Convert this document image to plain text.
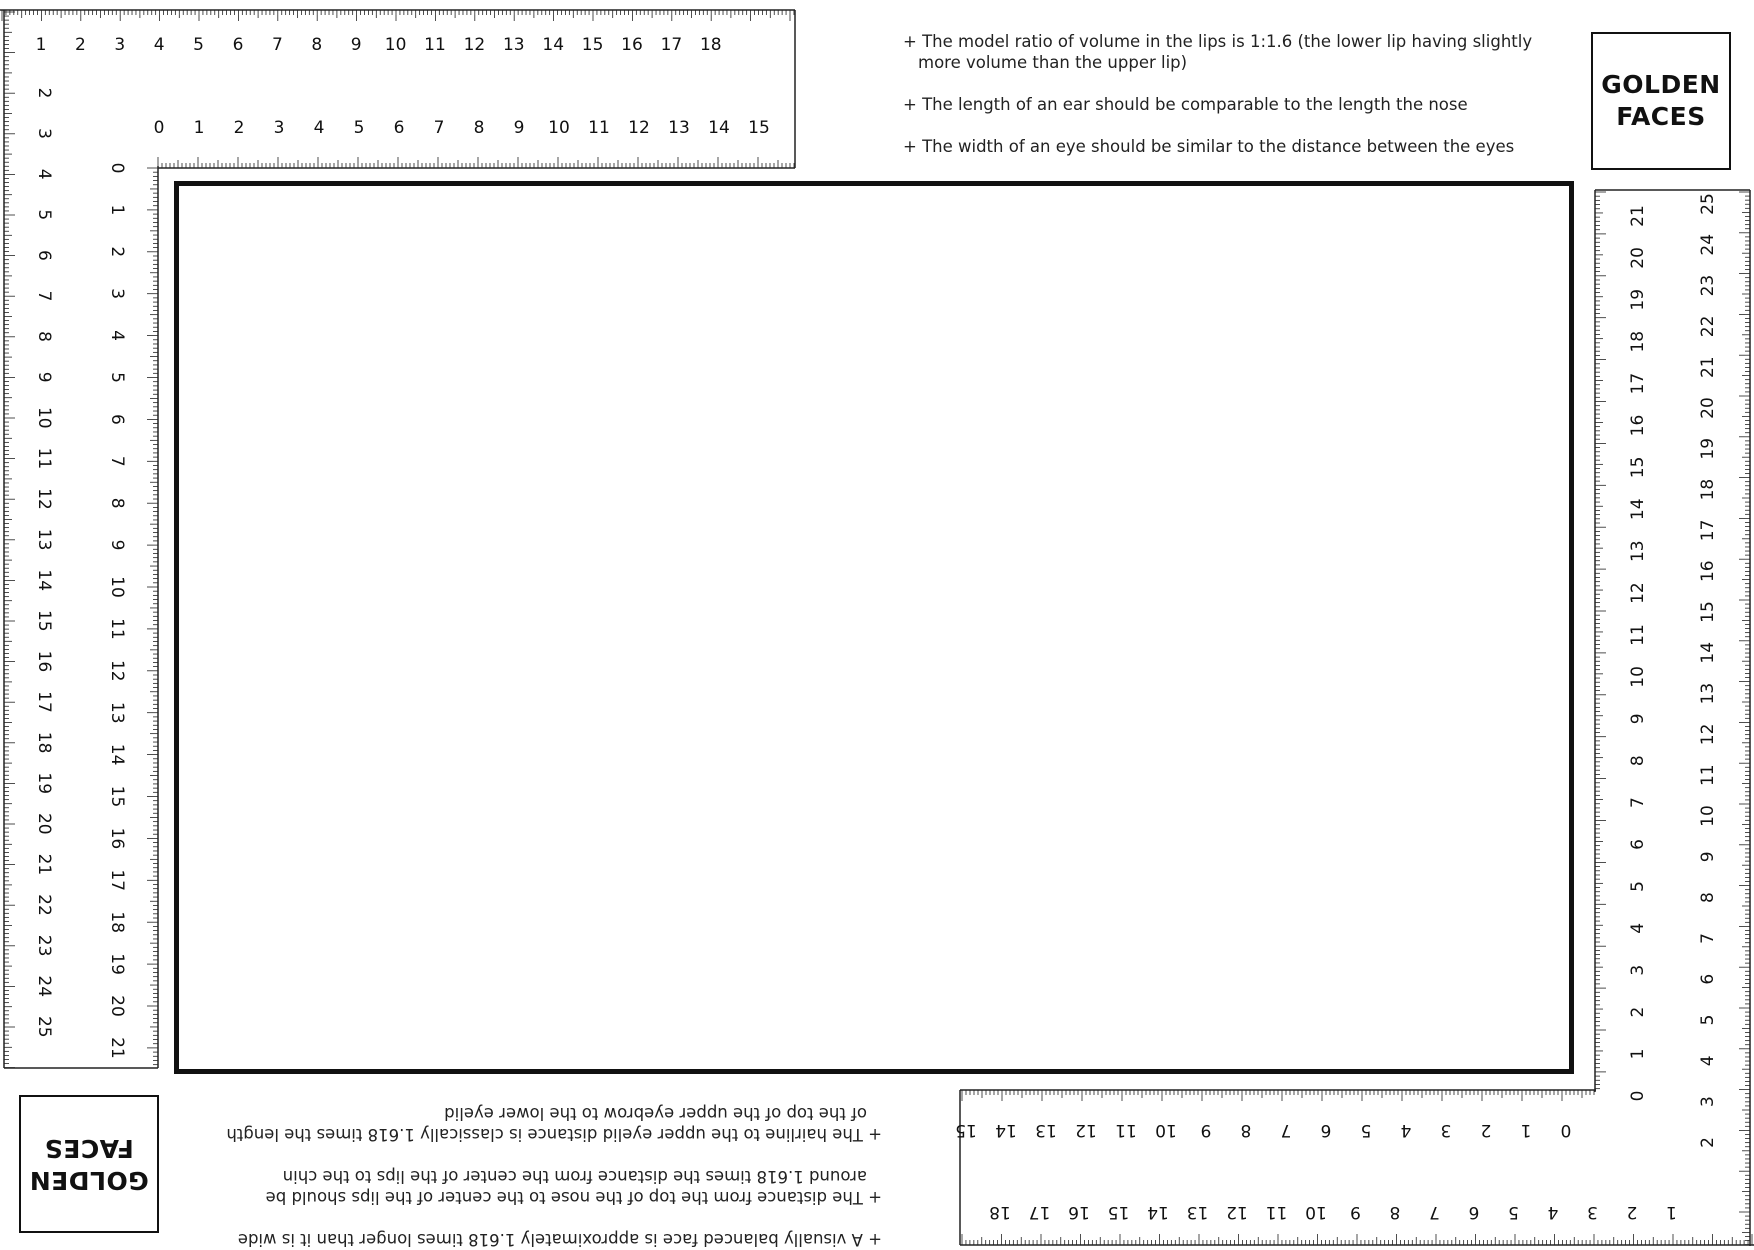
1 2 3 4 5 6 7 8 9 10 11 12 13 14 15 16 17 18
0 1 2 3 4 5 6 7 8 9 10 11 12 13 14 15
2
3
4
5
6
7
8
9
10
11
12
13
14
15
16
17
18
19
20
21
22
23
24
25
0
1
2
3
4
5
6
7
8
9
10
11
12
13
14
15
16
17
18
19
20
21
21
20
19
18
17
16
15
14
13
12
11
10
9
8
7
6
5
4
3
2
1
0
25
24
23
22
21
20
19
18
17
16
15
14
13
12
11
10
9
8
7
6
5
4
3
2
15 14 13 12 11 10 9 8 7 6 5 4 3 2 1 0
18 17 16 15 14 13 12 11 10 9 8 7 6 5 4 3 2 1
GOLDEN
FACES
GOLDEN
FACES
+ The model ratio of volume in the lips is 1:1.6 (the lower lip having slightly more volume than the upper lip)
+ The length of an ear should be comparable to the length the nose
+ The width of an eye should be similar to the distance between the eyes
+ A visually balanced face is approximately 1.618 times longer than it is wide
+ The distance from the top of the nose to the center of the lips should be around 1.618 times the distance from the center of the lips to the chin
+ The hairline to the upper eyelid distance is classically 1.618 times the length of the top of the upper eyebrow to the lower eyelid
